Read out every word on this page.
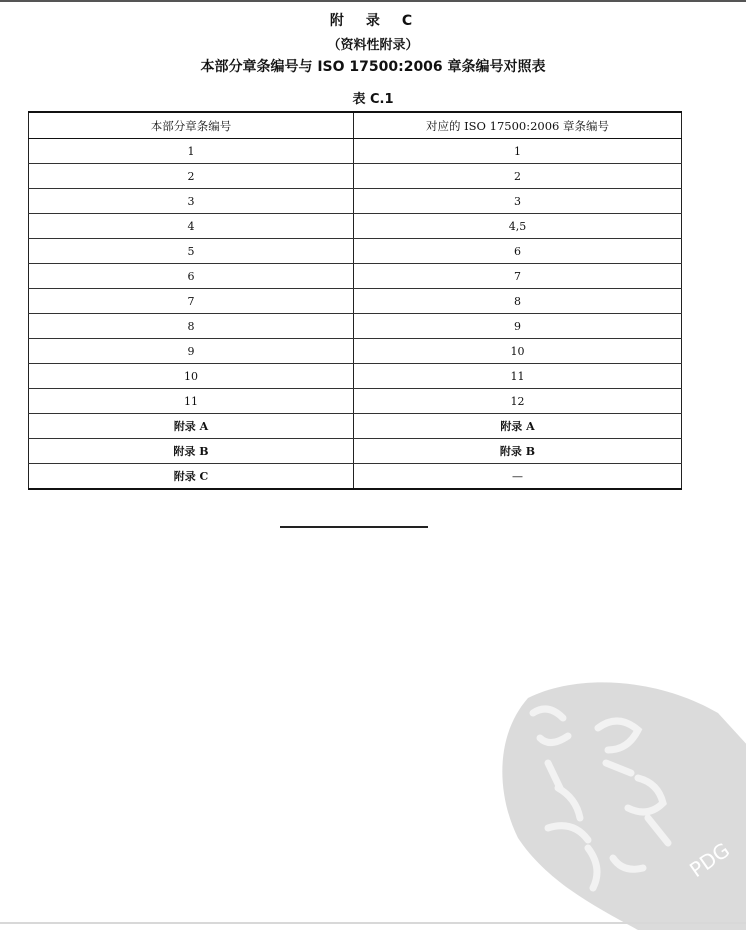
附　录　C
（资料性附录）
本部分章条编号与 ISO 17500:2006 章条编号对照表
表 C.1
本部分章条编号	对应的 ISO 17500:2006 章条编号
1	1
2	2
3	3
4	4,5
5	6
6	7
7	8
8	9
9	10
10	11
11	12
附录 A	附录 A
附录 B	附录 B
附录 C	—
PDG
